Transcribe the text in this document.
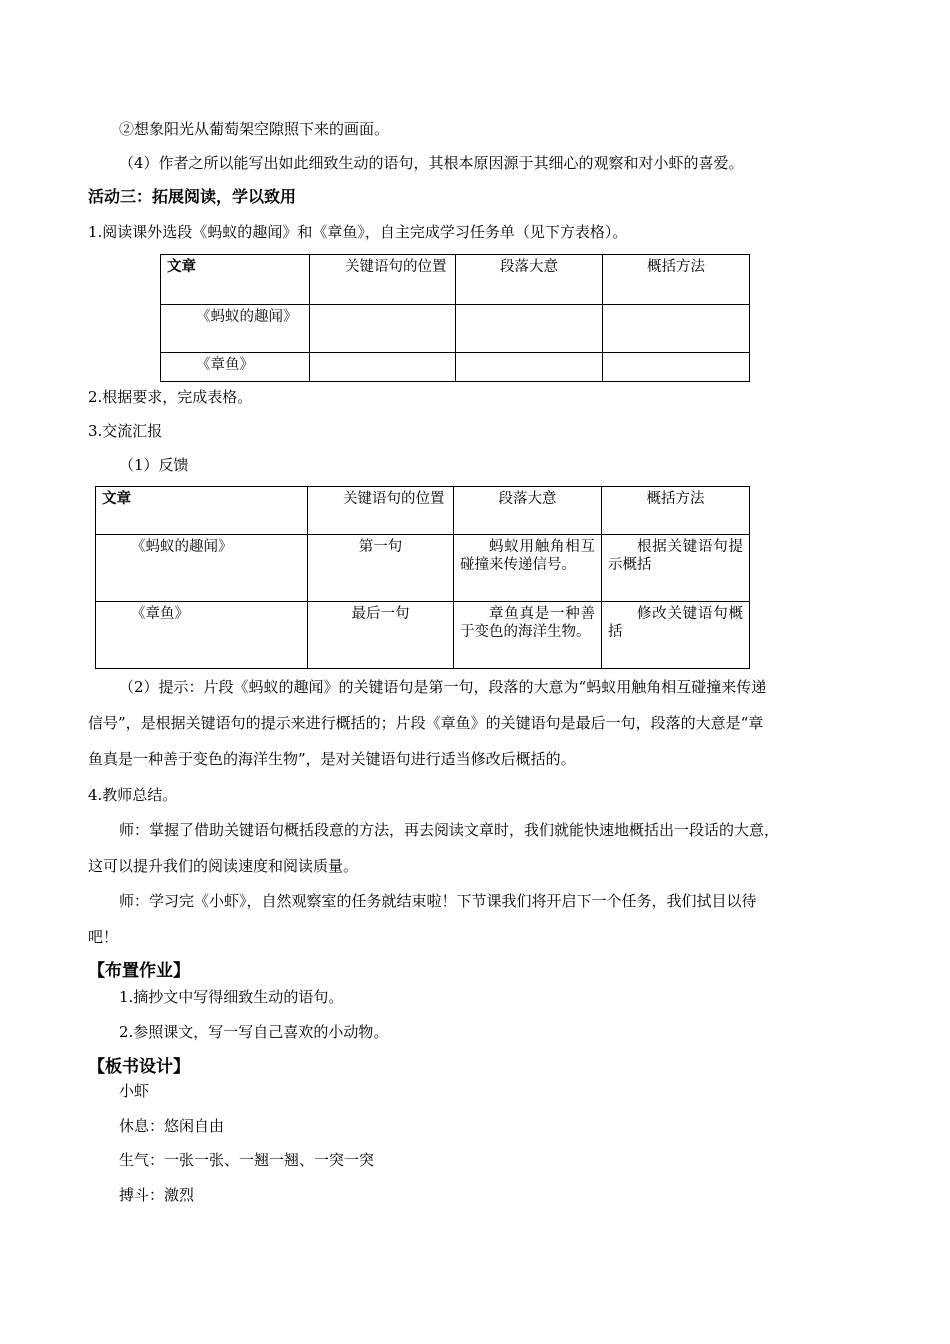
②想象阳光从葡萄架空隙照下来的画面。
（4）作者之所以能写出如此细致生动的语句，其根本原因源于其细心的观察和对小虾的喜爱。
活动三：拓展阅读，学以致用
1.阅读课外选段《蚂蚁的趣闻》和《章鱼》，自主完成学习任务单（见下方表格）。
文章	关键语句的位置	段落大意	概括方法
《蚂蚁的趣闻》			
《章鱼》			
2.根据要求，完成表格。
3.交流汇报
（1）反馈
文章	关键语句的位置	段落大意	概括方法
《蚂蚁的趣闻》	第一句	蚂蚁用触角相互碰撞来传递信号。	根据关键语句提示概括
《章鱼》	最后一句	章鱼真是一种善于变色的海洋生物。	修改关键语句概括
（2）提示：片段《蚂蚁的趣闻》的关键语句是第一句，段落的大意为“蚂蚁用触角相互碰撞来传递
信号”，是根据关键语句的提示来进行概括的；片段《章鱼》的关键语句是最后一句，段落的大意是“章
鱼真是一种善于变色的海洋生物”，是对关键语句进行适当修改后概括的。
4.教师总结。
师：掌握了借助关键语句概括段意的方法，再去阅读文章时，我们就能快速地概括出一段话的大意，
这可以提升我们的阅读速度和阅读质量。
师：学习完《小虾》，自然观察室的任务就结束啦！下节课我们将开启下一个任务，我们拭目以待
吧！
【布置作业】
1.摘抄文中写得细致生动的语句。
2.参照课文，写一写自己喜欢的小动物。
【板书设计】
小虾
休息：悠闲自由
生气：一张一张、一翘一翘、一突一突
搏斗：激烈
